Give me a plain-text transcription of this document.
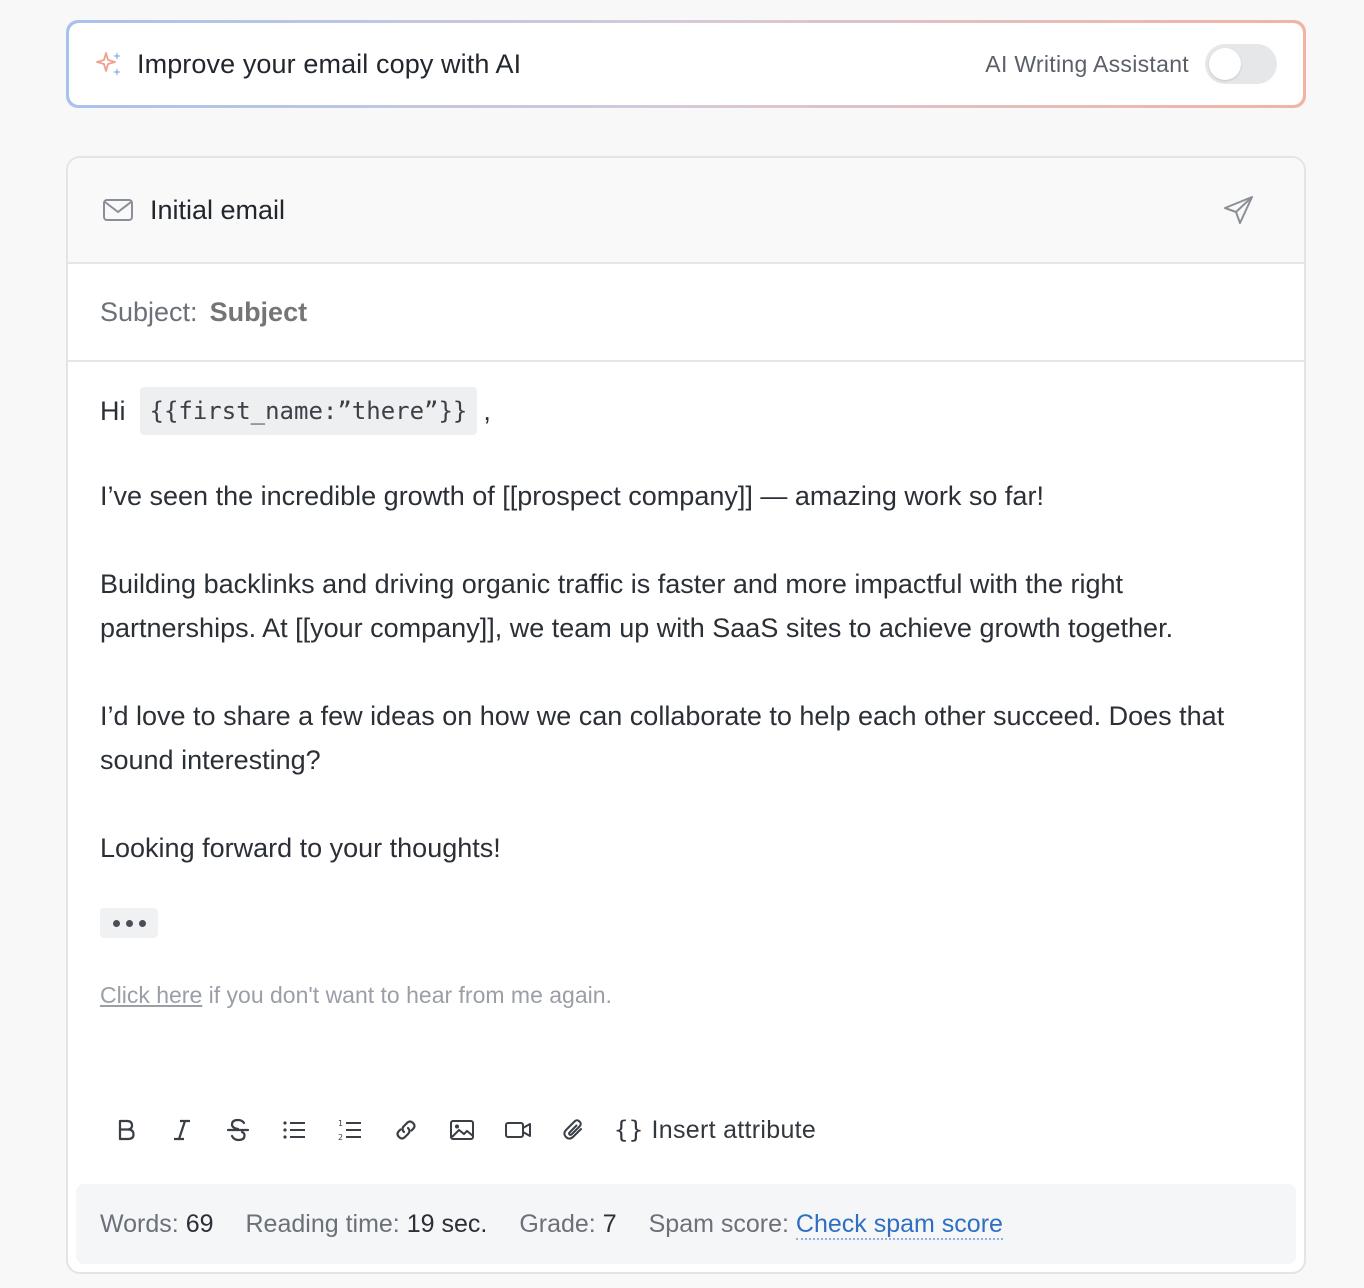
Improve your email copy with AI	AI Writing Assistant
Initial email
Subject:
Subject
Hi	{{first_name:”there”}} ,

I’ve seen the incredible growth of [[prospect company]] — amazing work so far!

Building backlinks and driving organic traffic is faster and more impactful with the right partnerships. At [[your company]], we team up with SaaS sites to achieve growth together.

I’d love to share a few ideas on how we can collaborate to help each other succeed. Does that sound interesting?

Looking forward to your thoughts!

Click here if you don't want to hear from me again.
1
2	{} Insert attribute
Words: 69 Reading time: 19 sec. Grade: 7 Spam score: Check spam score
